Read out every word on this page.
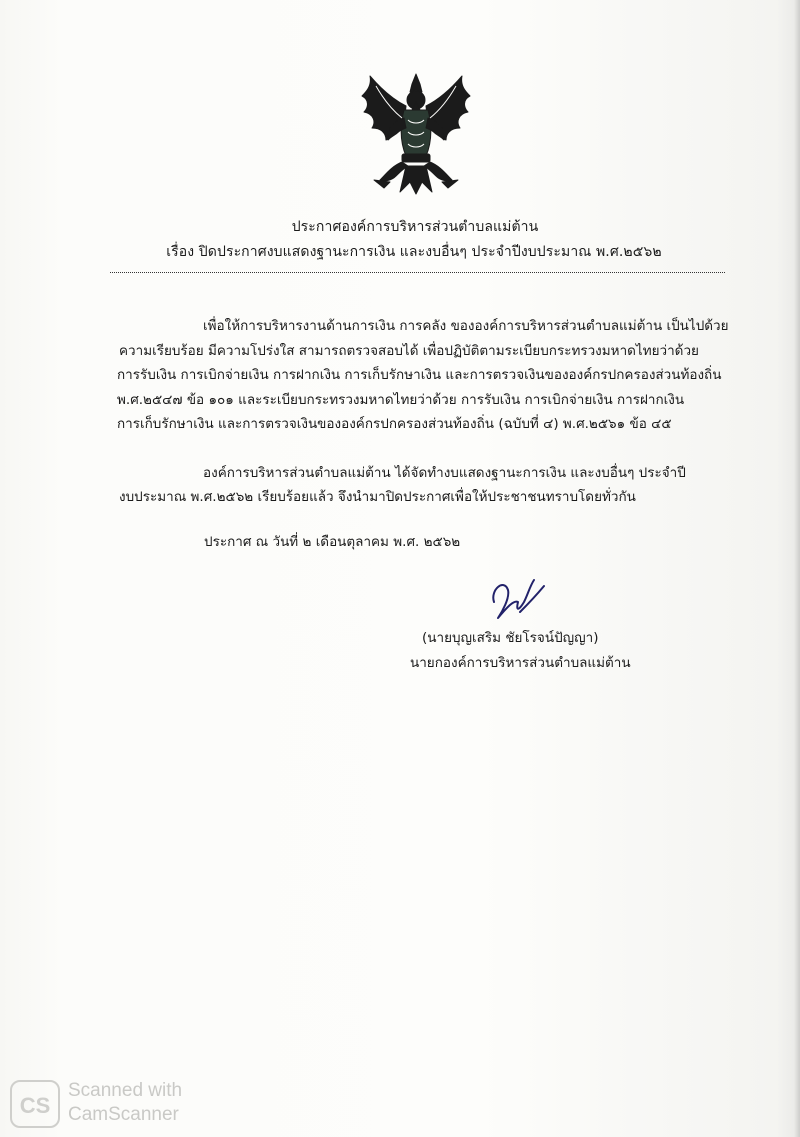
ประกาศองค์การบริหารส่วนตำบลแม่ต้าน
เรื่อง ปิดประกาศงบแสดงฐานะการเงิน และงบอื่นๆ ประจำปีงบประมาณ พ.ศ.๒๕๖๒
เพื่อให้การบริหารงานด้านการเงิน การคลัง ขององค์การบริหารส่วนตำบลแม่ต้าน เป็นไปด้วย
ความเรียบร้อย มีความโปร่งใส สามารถตรวจสอบได้ เพื่อปฏิบัติตามระเบียบกระทรวงมหาดไทยว่าด้วย
การรับเงิน การเบิกจ่ายเงิน การฝากเงิน การเก็บรักษาเงิน และการตรวจเงินขององค์กรปกครองส่วนท้องถิ่น
พ.ศ.๒๕๔๗ ข้อ ๑๐๑ และระเบียบกระทรวงมหาดไทยว่าด้วย การรับเงิน การเบิกจ่ายเงิน การฝากเงิน
การเก็บรักษาเงิน และการตรวจเงินขององค์กรปกครองส่วนท้องถิ่น (ฉบับที่ ๔) พ.ศ.๒๕๖๑ ข้อ ๔๕
องค์การบริหารส่วนตำบลแม่ต้าน ได้จัดทำงบแสดงฐานะการเงิน และงบอื่นๆ ประจำปี
งบประมาณ พ.ศ.๒๕๖๒ เรียบร้อยแล้ว จึงนำมาปิดประกาศเพื่อให้ประชาชนทราบโดยทั่วกัน
ประกาศ ณ วันที่ ๒ เดือนตุลาคม พ.ศ. ๒๕๖๒
(นายบุญเสริม ชัยโรจน์ปัญญา)
นายกองค์การบริหารส่วนตำบลแม่ต้าน
CS
Scanned with
CamScanner
